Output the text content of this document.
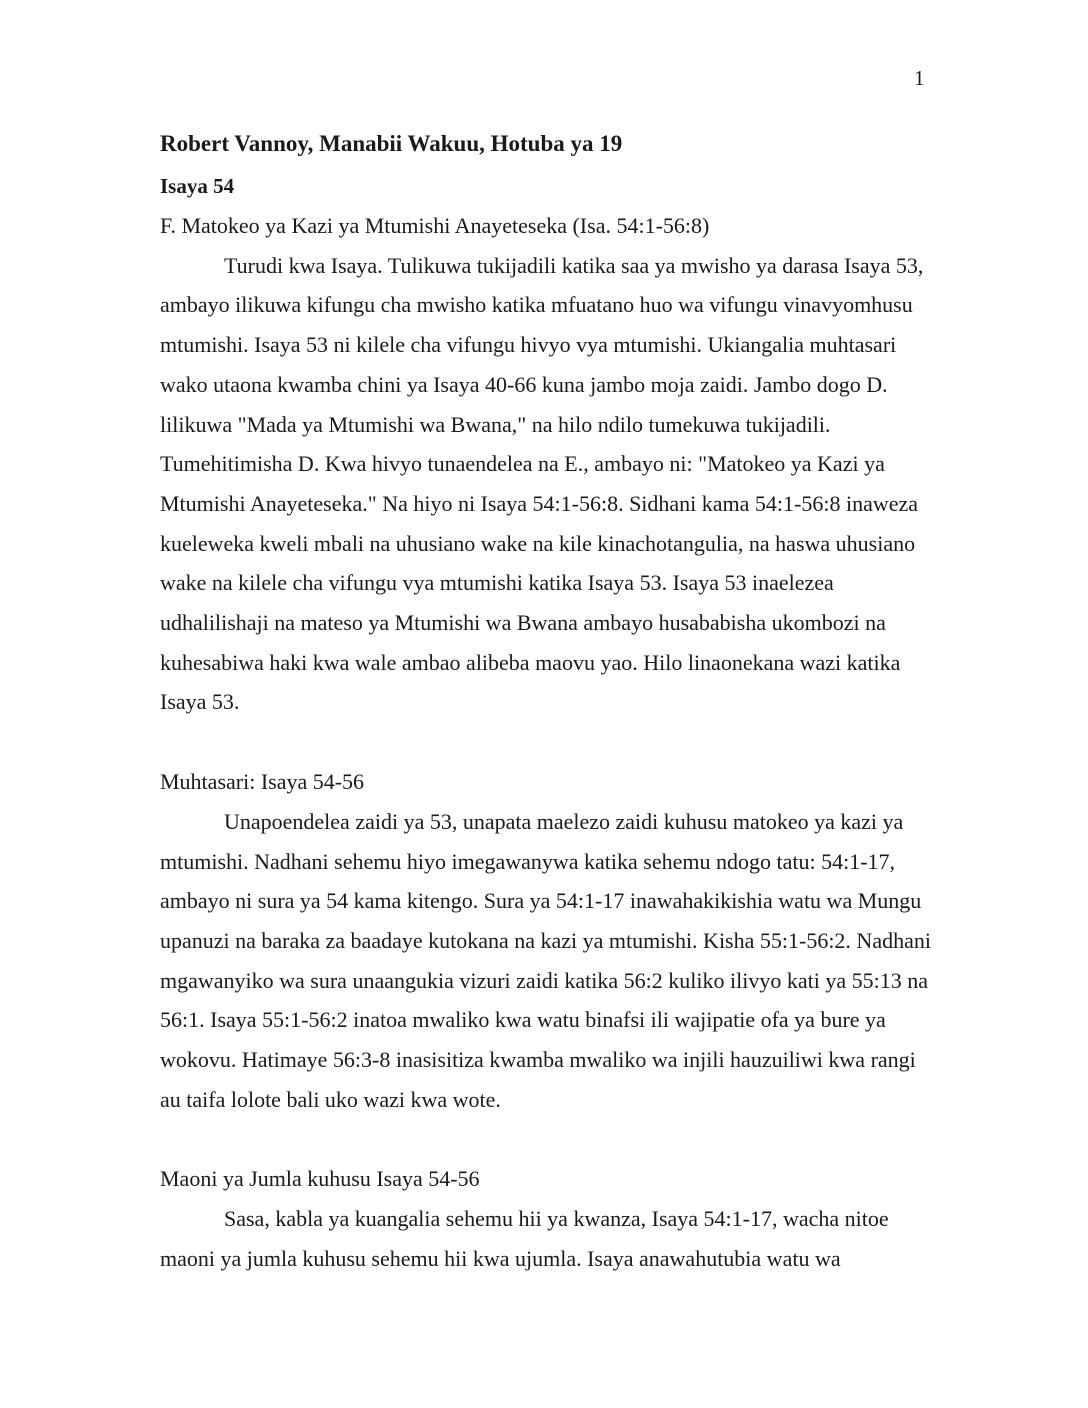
1

Robert Vannoy, Manabii Wakuu, Hotuba ya 19

Isaya 54

F. Matokeo ya Kazi ya Mtumishi Anayeteseka (Isa. 54:1-56:8)

Turudi kwa Isaya. Tulikuwa tukijadili katika saa ya mwisho ya darasa Isaya 53, ambayo ilikuwa kifungu cha mwisho katika mfuatano huo wa vifungu vinavyomhusu mtumishi. Isaya 53 ni kilele cha vifungu hivyo vya mtumishi. Ukiangalia muhtasari wako utaona kwamba chini ya Isaya 40-66 kuna jambo moja zaidi. Jambo dogo D. lilikuwa "Mada ya Mtumishi wa Bwana," na hilo ndilo tumekuwa tukijadili. Tumehitimisha D. Kwa hivyo tunaendelea na E., ambayo ni: "Matokeo ya Kazi ya Mtumishi Anayeteseka." Na hiyo ni Isaya 54:1-56:8. Sidhani kama 54:1-56:8 inaweza kueleweka kweli mbali na uhusiano wake na kile kinachotangulia, na haswa uhusiano wake na kilele cha vifungu vya mtumishi katika Isaya 53. Isaya 53 inaelezea udhalilishaji na mateso ya Mtumishi wa Bwana ambayo husababisha ukombozi na kuhesabiwa haki kwa wale ambao alibeba maovu yao. Hilo linaonekana wazi katika Isaya 53.

Muhtasari: Isaya 54-56

Unapoendelea zaidi ya 53, unapata maelezo zaidi kuhusu matokeo ya kazi ya mtumishi. Nadhani sehemu hiyo imegawanywa katika sehemu ndogo tatu: 54:1-17, ambayo ni sura ya 54 kama kitengo. Sura ya 54:1-17 inawahakikishia watu wa Mungu upanuzi na baraka za baadaye kutokana na kazi ya mtumishi. Kisha 55:1-56:2. Nadhani mgawanyiko wa sura unaangukia vizuri zaidi katika 56:2 kuliko ilivyo kati ya 55:13 na 56:1. Isaya 55:1-56:2 inatoa mwaliko kwa watu binafsi ili wajipatie ofa ya bure ya wokovu. Hatimaye 56:3-8 inasisitiza kwamba mwaliko wa injili hauzuiliwi kwa rangi au taifa lolote bali uko wazi kwa wote.

Maoni ya Jumla kuhusu Isaya 54-56

Sasa, kabla ya kuangalia sehemu hii ya kwanza, Isaya 54:1-17, wacha nitoe maoni ya jumla kuhusu sehemu hii kwa ujumla. Isaya anawahutubia watu wa
